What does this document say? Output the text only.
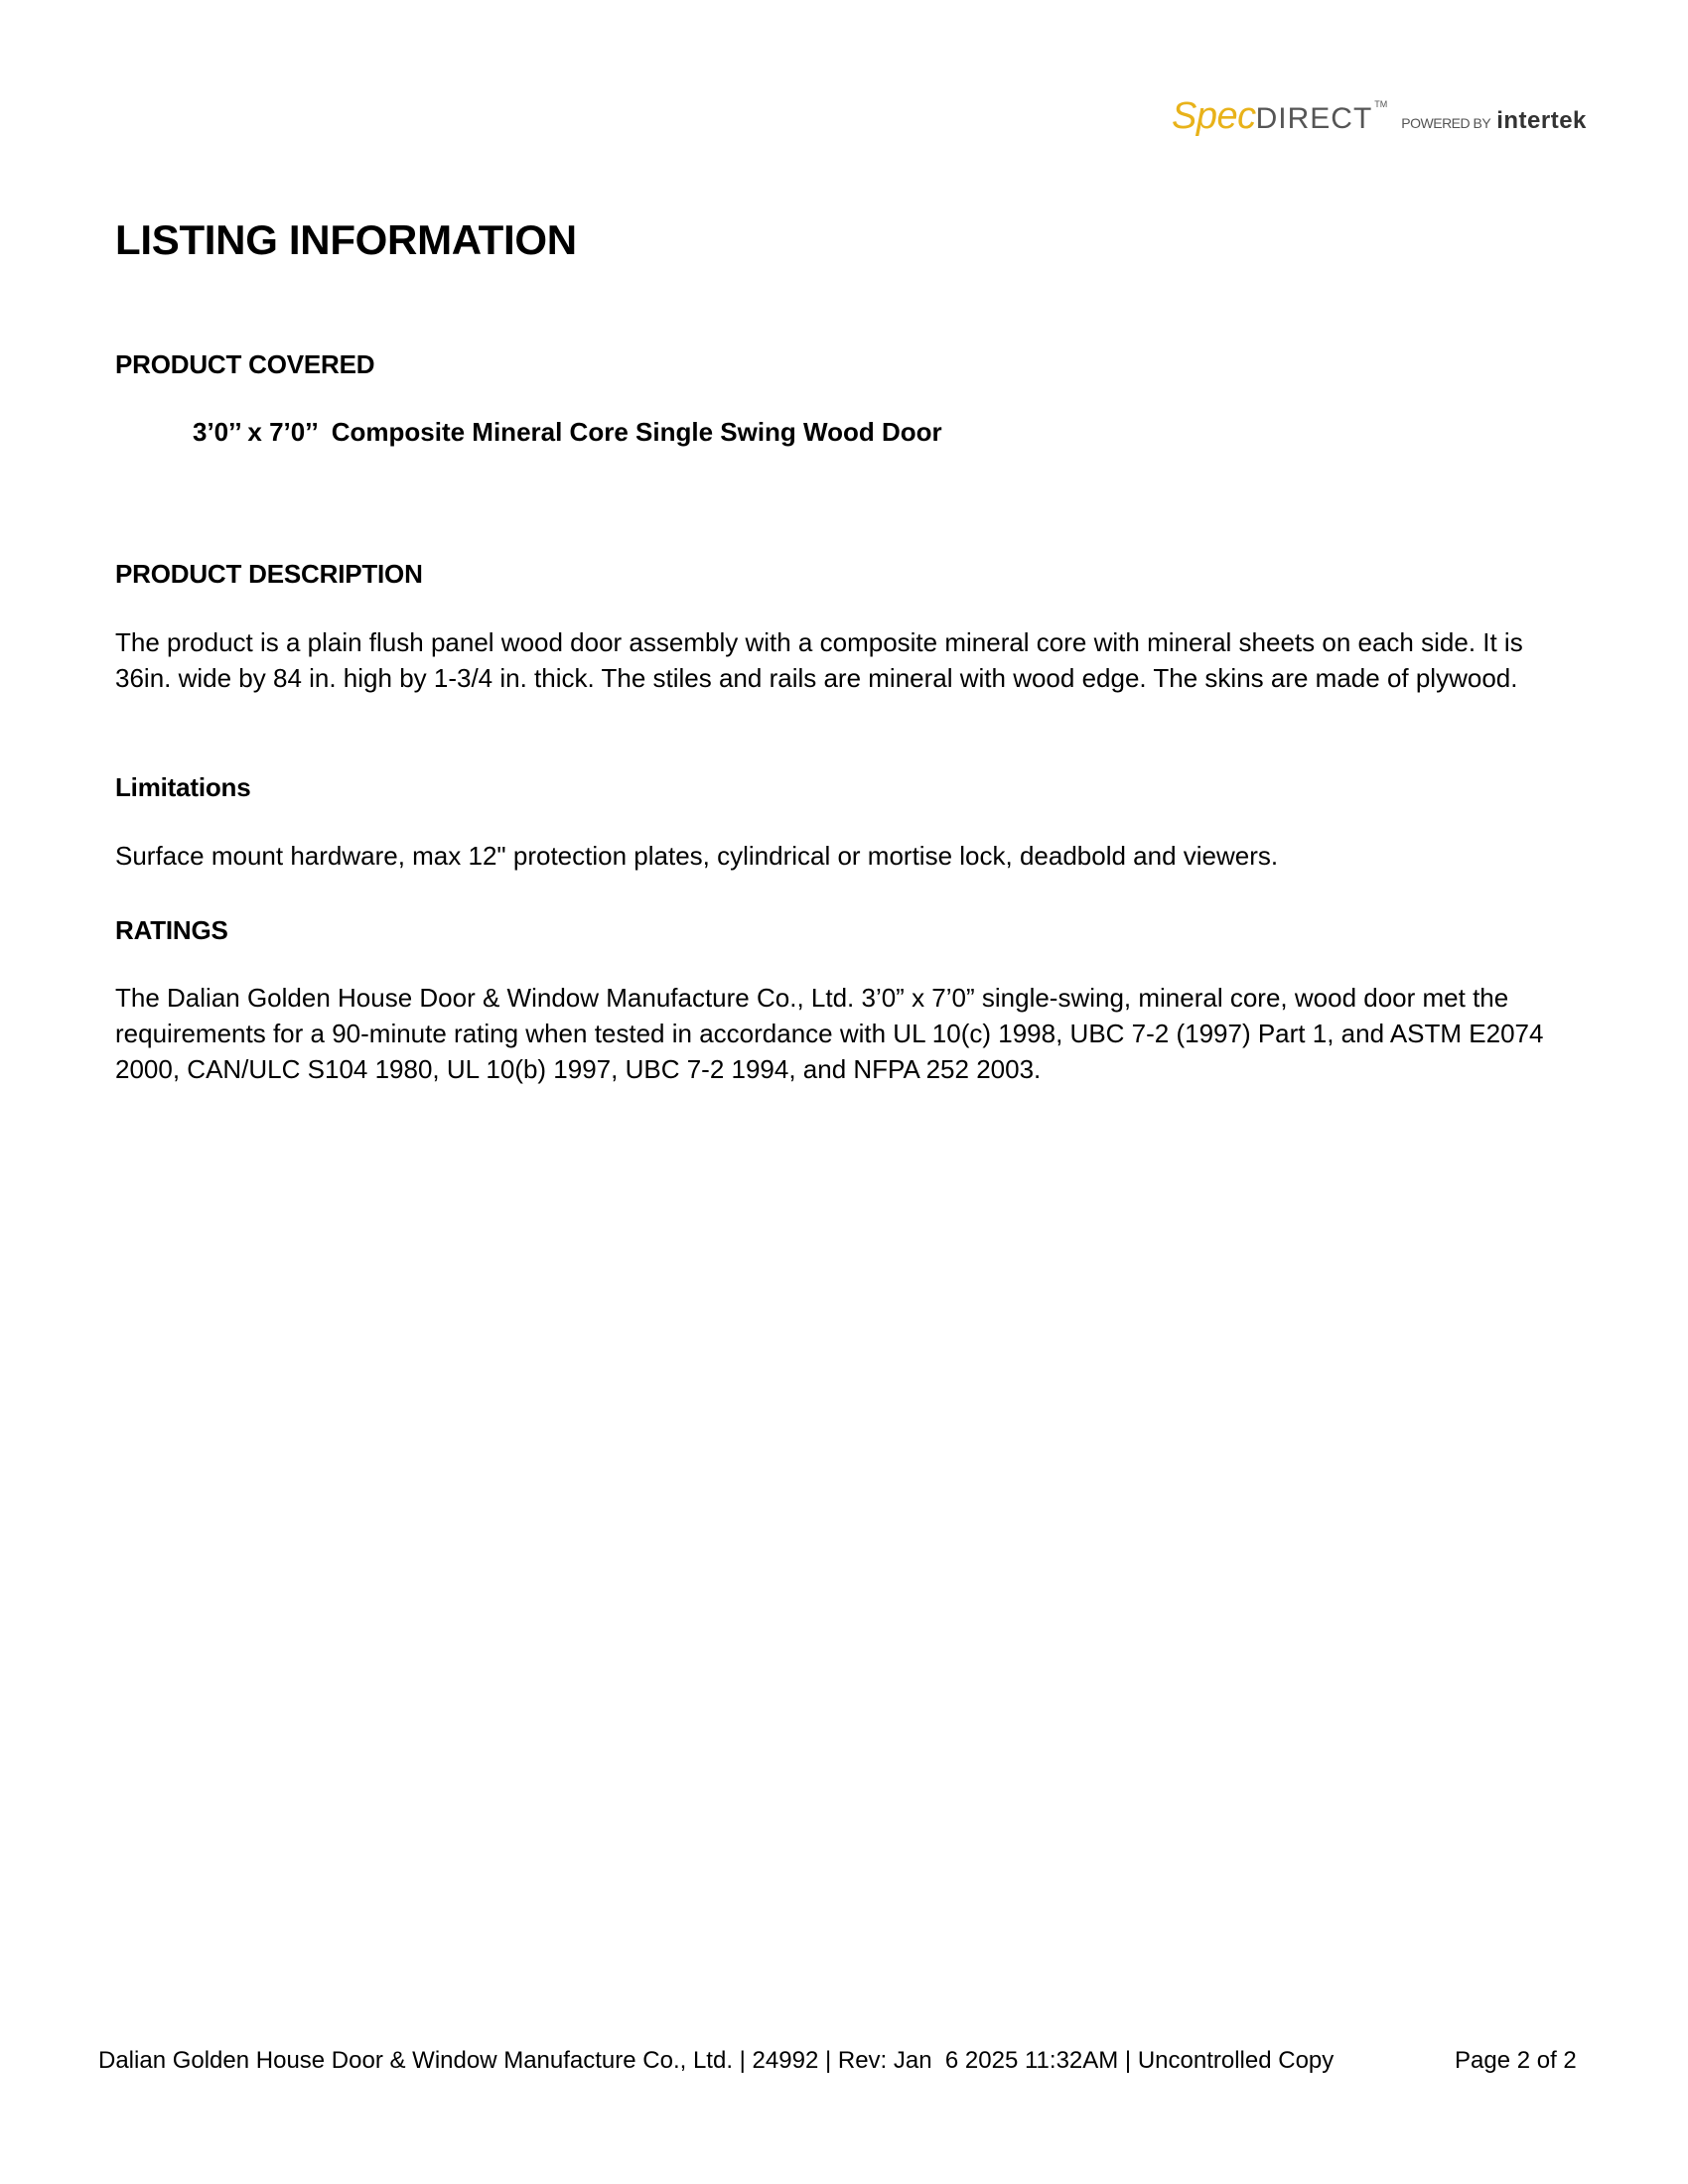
SpecDIRECT ™POWERED BY intertek
LISTING INFORMATION
PRODUCT COVERED
3’0’’ x 7’0’’  Composite Mineral Core Single Swing Wood Door
PRODUCT DESCRIPTION

The product is a plain flush panel wood door assembly with a composite mineral core with mineral sheets on each side. It is 36in. wide by 84 in. high by 1-3/4 in. thick. The stiles and rails are mineral with wood edge. The skins are made of plywood.

Limitations

Surface mount hardware, max 12" protection plates, cylindrical or mortise lock, deadbold and viewers.

RATINGS

The Dalian Golden House Door & Window Manufacture Co., Ltd. 3’0” x 7’0” single-swing, mineral core, wood door met the requirements for a 90-minute rating when tested in accordance with UL 10(c) 1998, UBC 7-2 (1997) Part 1, and ASTM E2074 2000, CAN/ULC S104 1980, UL 10(b) 1997, UBC 7-2 1994, and NFPA 252 2003.

Dalian Golden House Door & Window Manufacture Co., Ltd. | 24992 | Rev: Jan  6 2025 11:32AM | Uncontrolled Copy	Page 2 of 2
